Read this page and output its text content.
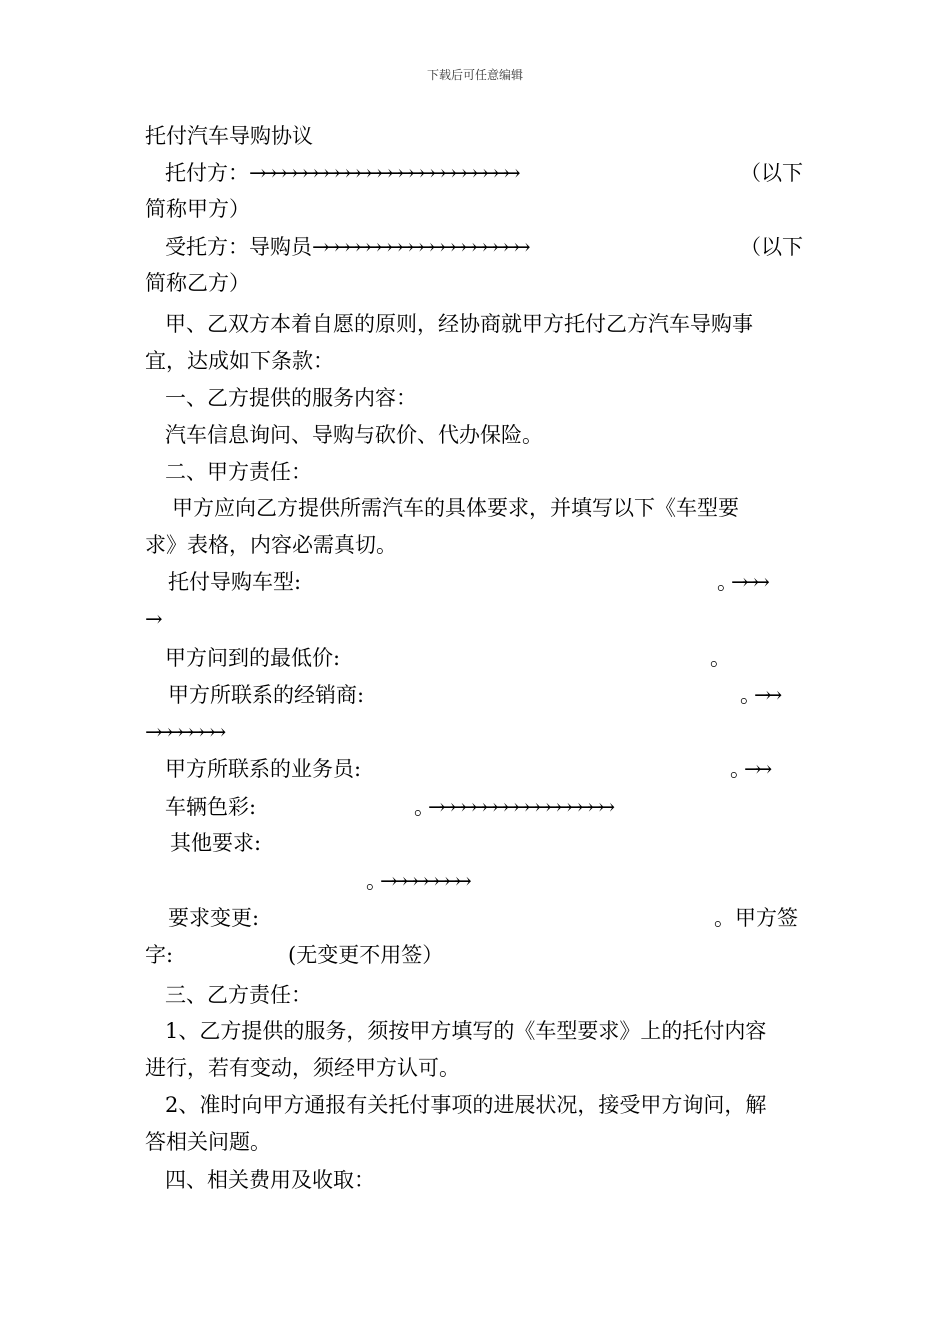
下载后可任意编辑
托付汽车导购协议
托付方：→→ →→→→→→→→→→→→→→→→→→→→→→→	（以下
简称甲方）
受托方：导购员→→→→ →→→→→→→→→→→→→→→→	（以下
简称乙方）
甲、乙双方本着自愿的原则，经协商就甲方托付乙方汽车导购事
宜，达成如下条款：
一、乙方提供的服务内容：
汽车信息询问、导购与砍价、代办保险。
二、甲方责任：
甲方应向乙方提供所需汽车的具体要求，并填写以下《车型要
求》表格，内容必需真切。
托付导购车型:	。→→→
→
甲方问到的最低价:	。
甲方所联系的经销商:	。→→
→→→→→→→
甲方所联系的业务员:	。→→
车辆色彩:	。→→→→→→→→→→→→→→→→→
其他要求:
。→→→→→→→→
要求变更:	。甲方签
字:	(无变更不用签）
三、乙方责任：
1、乙方提供的服务，须按甲方填写的《车型要求》上的托付内容
进行，若有变动，须经甲方认可。
2、准时向甲方通报有关托付事项的进展状况，接受甲方询问，解
答相关问题。
四、相关费用及收取：
